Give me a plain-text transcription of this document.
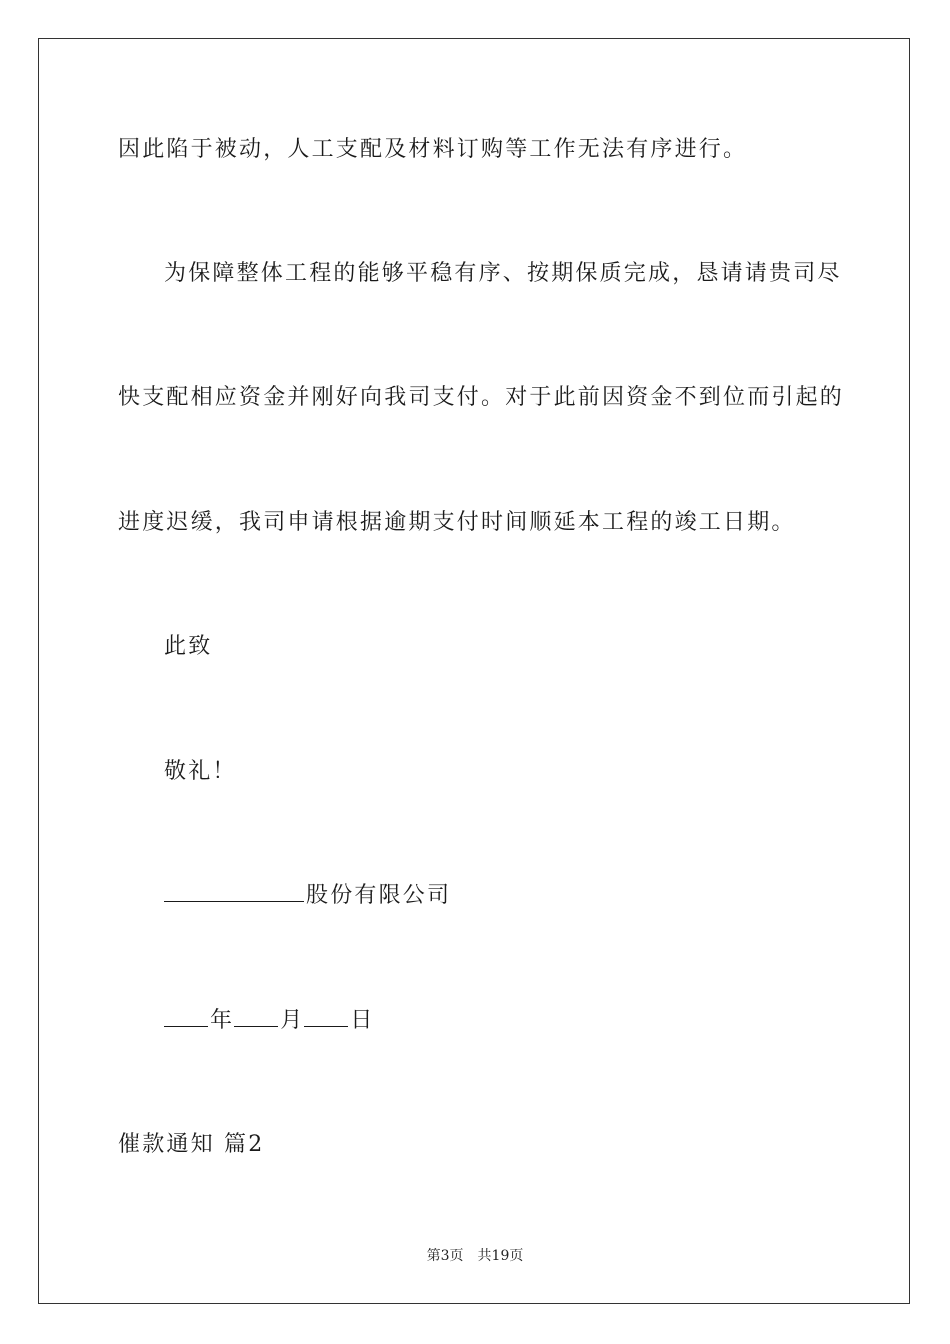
因此陷于被动，人工支配及材料订购等工作无法有序进行。
为保障整体工程的能够平稳有序、按期保质完成，恳请请贵司尽
快支配相应资金并刚好向我司支付。对于此前因资金不到位而引起的
进度迟缓，我司申请根据逾期支付时间顺延本工程的竣工日期。
此致
敬礼！
股份有限公司
年 月 日
催款通知 篇2
第3页 共19页
